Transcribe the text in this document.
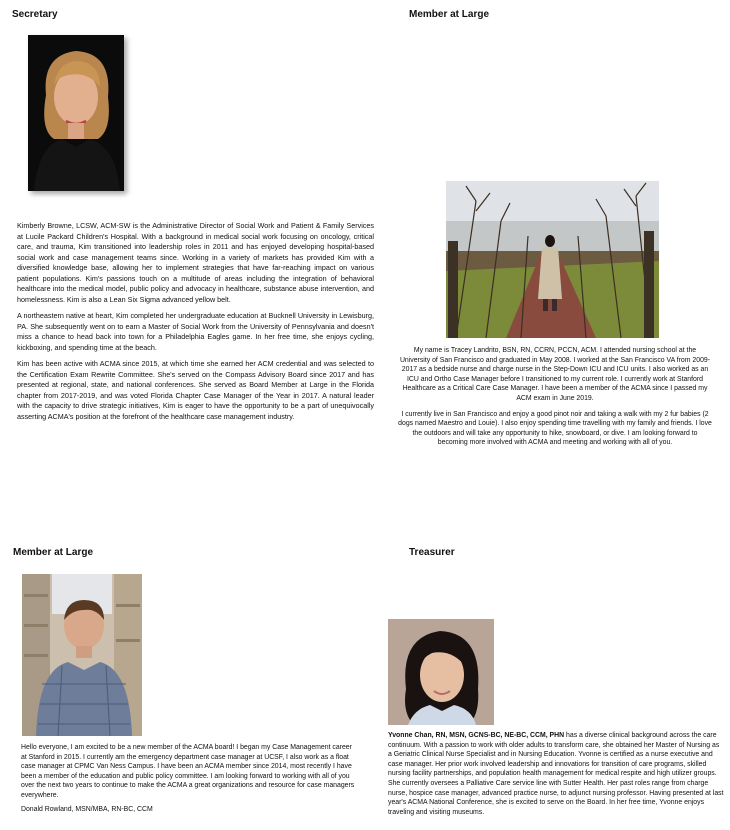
Secretary

Kimberly Browne, LCSW, ACM-SW is the Administrative Director of Social Work and Patient & Family Services at Lucile Packard Children's Hospital. With a background in medical social work focusing on oncology, critical care, and trauma, Kim transitioned into leadership roles in 2011 and has enjoyed developing hospital-based social work and case management teams since. Working in a variety of markets has provided Kim with a diversified knowledge base, allowing her to implement strategies that have far-reaching impact on various patient populations. Kim's passions touch on a multitude of areas including the integration of behavioral healthcare into the medical model, public policy and advocacy in healthcare, substance abuse intervention, and homelessness. Kim is also a Lean Six Sigma advanced yellow belt.

A northeastern native at heart, Kim completed her undergraduate education at Bucknell University in Lewisburg, PA. She subsequently went on to earn a Master of Social Work from the University of Pennsylvania and doesn't miss a chance to head back into town for a Philadelphia Eagles game. In her free time, she enjoys cycling, kickboxing, and spending time at the beach.

Kim has been active with ACMA since 2015, at which time she earned her ACM credential and was selected to the Certification Exam Rewrite Committee. She's served on the Compass Advisory Board since 2017 and has presented at regional, state, and national conferences. She served as Board Member at Large in the Florida chapter from 2017-2019, and was voted Florida Chapter Case Manager of the Year in 2017. A natural leader with the capacity to drive strategic initiatives, Kim is eager to have the opportunity to be a part of unequivocally asserting ACMA's position at the forefront of the healthcare case management industry.

Member at Large

My name is Tracey Landrito, BSN, RN, CCRN, PCCN, ACM. I attended nursing school at the University of San Francisco and graduated in May 2008. I worked at the San Francisco VA from 2009-2017 as a bedside nurse and charge nurse in the Step-Down ICU and ICU units. I also worked as an ICU and Ortho Case Manager before I transitioned to my current role. I currently work at Stanford Healthcare as a Critical Care Case Manager. I have been a member of the ACMA since I passed my ACM exam in June 2019.

I currently live in San Francisco and enjoy a good pinot noir and taking a walk with my 2 fur babies (2 dogs named Maestro and Louie). I also enjoy spending time travelling with my family and friends. I love the outdoors and will take any opportunity to hike, snowboard, or dive. I am looking forward to becoming more involved with ACMA and meeting and working with all of you.

Member at Large

Hello everyone, I am excited to be a new member of the ACMA board! I began my Case Management career at Stanford in 2015. I currently am the emergency department case manager at UCSF, I also work as a float case manager at CPMC Van Ness Campus. I have been an ACMA member since 2014, most recently I have been a member of the education and public policy committee. I am looking forward to working with all of you over the next two years to continue to make the ACMA a great organizations and resource for case managers everywhere.

Donald Rowland, MSN/MBA, RN-BC, CCM

Treasurer

Yvonne Chan, RN, MSN, GCNS-BC, NE-BC, CCM, PHN has a diverse clinical background across the care continuum. With a passion to work with older adults to transform care, she obtained her Master of Nursing as a Geriatric Clinical Nurse Specialist and in Nursing Education. Yvonne is certified as a nurse executive and case manager. Her prior work involved leadership and innovations for transition of care programs, skilled nursing facility partnerships, and population health management for medical respite and high utilizer groups. She currently oversees a Palliative Care service line with Sutter Health. Her past roles range from charge nurse, hospice case manager, advanced practice nurse, to adjunct nursing professor. Having presented at last year's ACMA National Conference, she is excited to serve on the Board. In her free time, Yvonne enjoys traveling and visiting museums.
